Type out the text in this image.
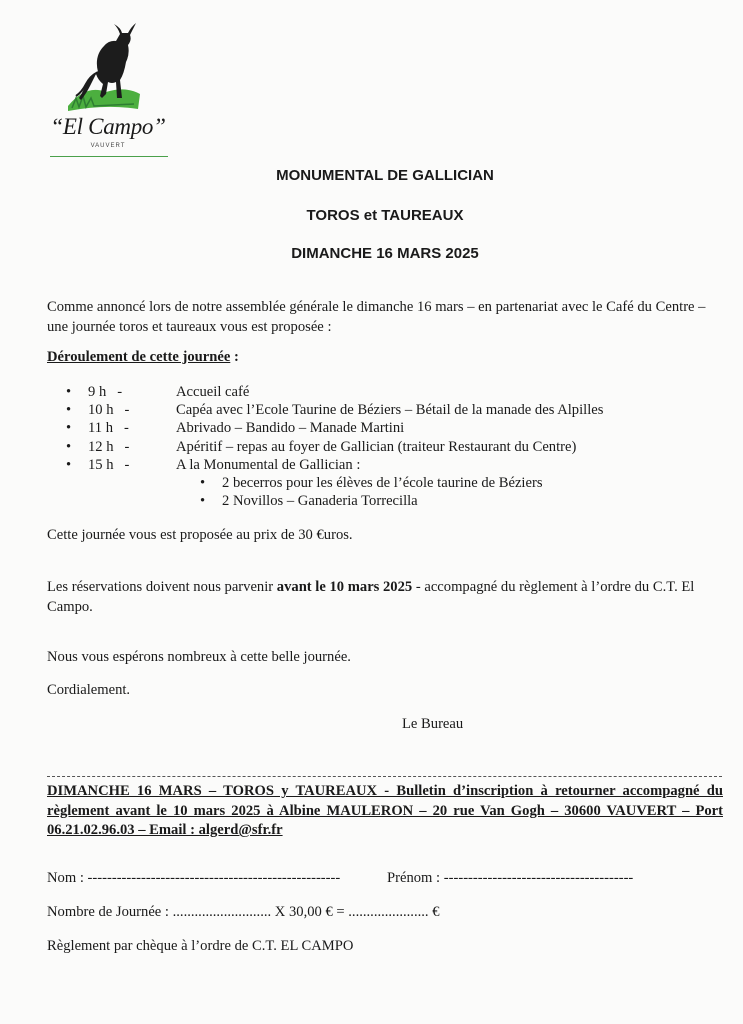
“El Campo”
VAUVERT
MONUMENTAL DE GALLICIAN
TOROS et TAUREAUX
DIMANCHE 16 MARS 2025
Comme annoncé lors de notre assemblée générale le dimanche 16 mars – en partenariat avec le Café du Centre – une journée toros et taureaux vous est proposée :
Déroulement de cette journée :
•	9 h -	Accueil café
•	10 h -	Capéa avec l’Ecole Taurine de Béziers – Bétail de la manade des Alpilles
•	11 h -	Abrivado – Bandido – Manade Martini
•	12 h -	Apéritif – repas au foyer de Gallician (traiteur Restaurant du Centre)
•	15 h -	A la Monumental de Gallician :
•	2 becerros pour les élèves de l’école taurine de Béziers
•	2 Novillos – Ganaderia Torrecilla
Cette journée vous est proposée au prix de 30 €uros.
Les réservations doivent nous parvenir avant le 10 mars 2025 - accompagné du règlement à l’ordre du C.T. El Campo.
Nous vous espérons nombreux à cette belle journée.
Cordialement.
Le Bureau
DIMANCHE 16 MARS – TOROS y TAUREAUX - Bulletin d’inscription à retourner accompagné du règlement avant le 10 mars 2025 à Albine MAULERON – 20 rue Van Gogh – 30600 VAUVERT – Port 06.21.02.96.03 – Email : algerd@sfr.fr
Nom : ----------------------------------------------------	Prénom : ---------------------------------------
Nombre de Journée : ........................... X 30,00 € = ...................... €
Règlement par chèque à l’ordre de C.T. EL CAMPO
